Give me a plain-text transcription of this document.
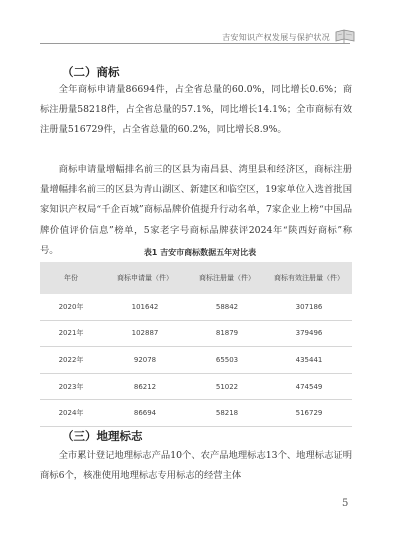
吉安知识产权发展与保护状况
（二）商标
全年商标申请量86694件，占全省总量的60.0%，同比增长0.6%；商标注册量58218件，占全省总量的57.1%，同比增长14.1%；全市商标有效注册量516729件，占全省总量的60.2%，同比增长8.9%。
商标申请量增幅排名前三的区县为南昌县、湾里县和经济区，商标注册量增幅排名前三的区县为青山湖区、新建区和临空区，19家单位入选首批国家知识产权局“千企百城”商标品牌价值提升行动名单，7家企业上榜“中国品牌价值评价信息”榜单，5家老字号商标品牌获评2024年“陕西好商标”称号。	表1 吉安市商标数据五年对比表
年份	商标申请量（件）	商标注册量（件）	商标有效注册量（件）
2020年	101642	58842	307186
2021年	102887	81879	379496
2022年	92078	65503	435441
2023年	86212	51022	474549
2024年	86694	58218	516729
（三）地理标志
全市累计登记地理标志产品10个、农产品地理标志13个、地理标志证明商标6个，核准使用地理标志专用标志的经营主体
5
